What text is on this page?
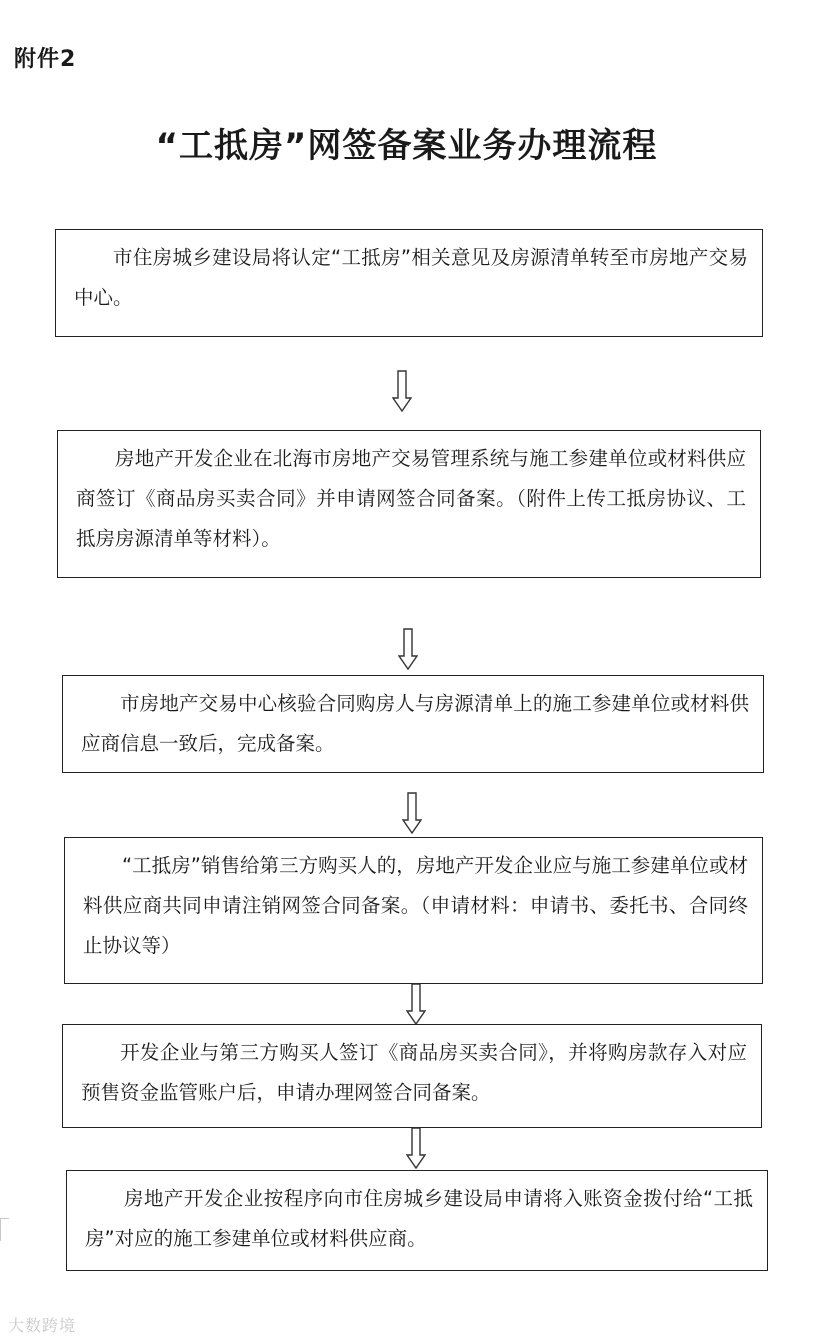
附件2
“工抵房”网签备案业务办理流程
市住房城乡建设局将认定“工抵房”相关意见及房源清单转至市房地产交易中心。
房地产开发企业在北海市房地产交易管理系统与施工参建单位或材料供应商签订《商品房买卖合同》并申请网签合同备案。（附件上传工抵房协议、工抵房房源清单等材料）。
市房地产交易中心核验合同购房人与房源清单上的施工参建单位或材料供应商信息一致后，完成备案。
“工抵房”销售给第三方购买人的，房地产开发企业应与施工参建单位或材料供应商共同申请注销网签合同备案。（申请材料：申请书、委托书、合同终止协议等）
开发企业与第三方购买人签订《商品房买卖合同》，并将购房款存入对应预售资金监管账户后，申请办理网签合同备案。
房地产开发企业按程序向市住房城乡建设局申请将入账资金拨付给“工抵房”对应的施工参建单位或材料供应商。
大数跨境
